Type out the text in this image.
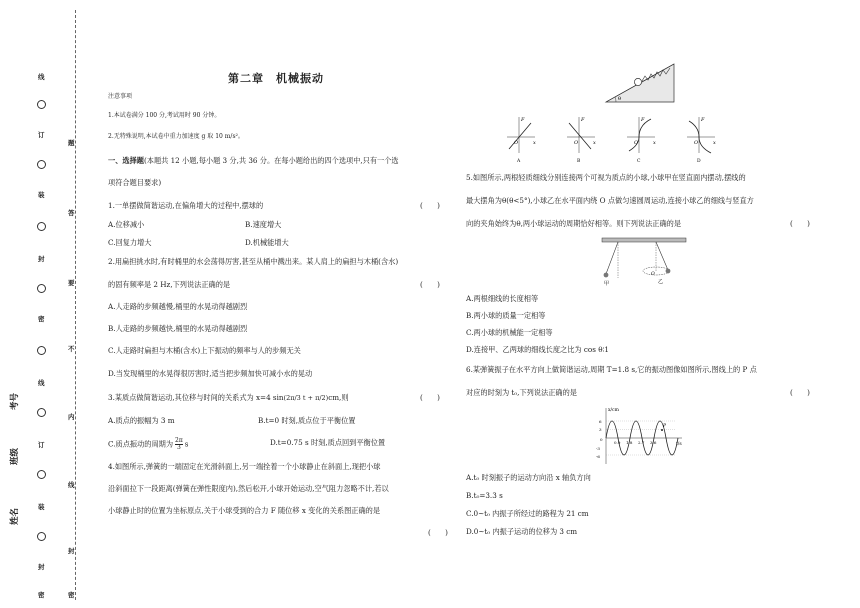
线
订
装
封
密
线
订
装
封
密
题
答
要
不
内
线
封
密
考号
班级
姓名
第二章　机械振动
注意事项
1.本试卷满分 100 分,考试用时 90 分钟。
2.无特殊说明,本试卷中重力加速度 g 取 10 m/s²。
一、选择题(本题共 12 小题,每小题 3 分,共 36 分。在每小题给出的四个选项中,只有一个选
项符合题目要求)
1.一单摆做简谐运动,在偏角增大的过程中,摆球的	(　　)
A.位移减小	B.速度增大
C.回复力增大	D.机械能增大
2.用扁担挑水时,有时桶里的水会荡得厉害,甚至从桶中溅出来。某人肩上的扁担与木桶(含水)
的固有频率是 2 Hz,下列说法正确的是	(　　)
A.人走路的步频越慢,桶里的水晃动得越剧烈
B.人走路的步频越快,桶里的水晃动得越剧烈
C.人走路时扁担与木桶(含水)上下振动的频率与人的步频无关
D.当发现桶里的水晃得很厉害时,适当把步频加快可减小水的晃动
3.某质点做简谐运动,其位移与时间的关系式为 x=4 sin(2π/3 t + π/2)cm,则	(　　)
A.质点的振幅为 3 m	B.t=0 时刻,质点位于平衡位置
C.质点振动的周期为 $\frac{2\pi}{3}$ s	D.t=0.75 s 时刻,质点回到平衡位置
4.如图所示,弹簧的一端固定在光滑斜面上,另一端拴着一个小球静止在斜面上,现把小球
沿斜面拉下一段距离(弹簧在弹性限度内),然后松开,小球开始运动,空气阻力忽略不计,若以
小球静止时的位置为坐标原点,关于小球受到的合力 F 随位移 x 变化的关系图正确的是
(　　)
θ
F
x
O
A
F
x
O
B
F
x
O
C
F
x
O
D
5.如图所示,两根轻质细线分别连接两个可视为质点的小球,小球甲在竖直面内摆动,摆线的
最大摆角为θ(θ<5°),小球乙在水平面内绕 O 点做匀速圆周运动,连接小球乙的细线与竖直方
向的夹角始终为θ,两小球运动的周期恰好相等。则下列说法正确的是	(　　)
甲	乙
O
A.两根细线的长度相等
B.两小球的质量一定相等
C.两小球的机械能一定相等
D.连接甲、乙两球的细线长度之比为 cos θ∶1
6.某弹簧振子在水平方向上做简谐运动,周期 T=1.8 s,它的振动图像如图所示,图线上的 P 点
对应的时刻为 t₀,下列说法正确的是	(　　)
P
x/cm
t/s
6
3
0
-3
-6
0.9 1.8 2.7 3.6
A.t₀ 时刻振子的运动方向沿 x 轴负方向
B.t₀=3.3 s
C.0~t₀ 内振子所经过的路程为 21 cm
D.0~t₀ 内振子运动的位移为 3 cm
